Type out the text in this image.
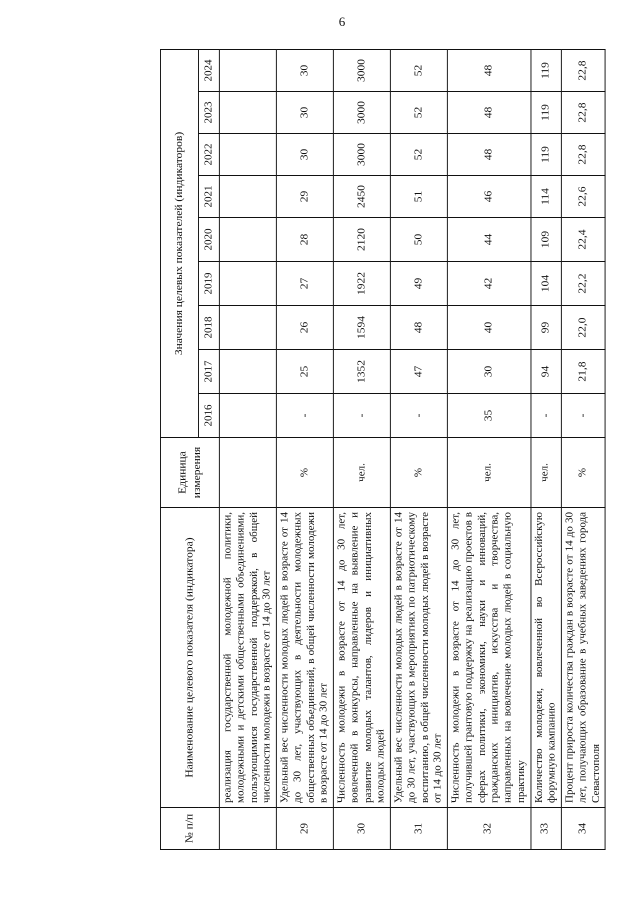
6
№ п/п	Наименование целевого показателя (индикатора)	Единица измерения	Значения целевых показателей (индикаторов)								
			2016	2017	2018	2019	2020	2021	2022	2023	2024
	реализация государственной молодежной политики, молодежными и детскими общественными объединениями, пользующимися государственной поддержкой, в общей численности молодежи в возрасте от 14 до 30 лет										
29	Удельный вес численности молодых людей в возрасте от 14 до 30 лет, участвующих в деятельности молодежных общественных объединений, в общей численности молодежи в возрасте от 14 до 30 лет	%	-	25	26	27	28	29	30	30	30
30	Численность молодежи в возрасте от 14 до 30 лет, вовлеченной в конкурсы, направленные на выявление и развитие молодых талантов, лидеров и инициативных молодых людей	чел.	-	1352	1594	1922	2120	2450	3000	3000	3000
31	Удельный вес численности молодых людей в возрасте от 14 до 30 лет, участвующих в мероприятиях по патриотическому воспитанию, в общей численности молодых людей в возрасте от 14 до 30 лет	%	-	47	48	49	50	51	52	52	52
32	Численность молодежи в возрасте от 14 до 30 лет, получившей грантовую поддержку на реализацию проектов в сферах политики, экономики, науки и инноваций, гражданских инициатив, искусства и творчества, направленных на вовлечение молодых людей в социальную практику	чел.	35	30	40	42	44	46	48	48	48
33	Количество молодежи, вовлеченной во Всероссийскую форумную кампанию	чел.	-	94	99	104	109	114	119	119	119
34	Процент прироста количества граждан в возрасте от 14 до 30 лет, получающих образование в учебных заведениях города Севастополя	%	-	21,8	22,0	22,2	22,4	22,6	22,8	22,8	22,8
